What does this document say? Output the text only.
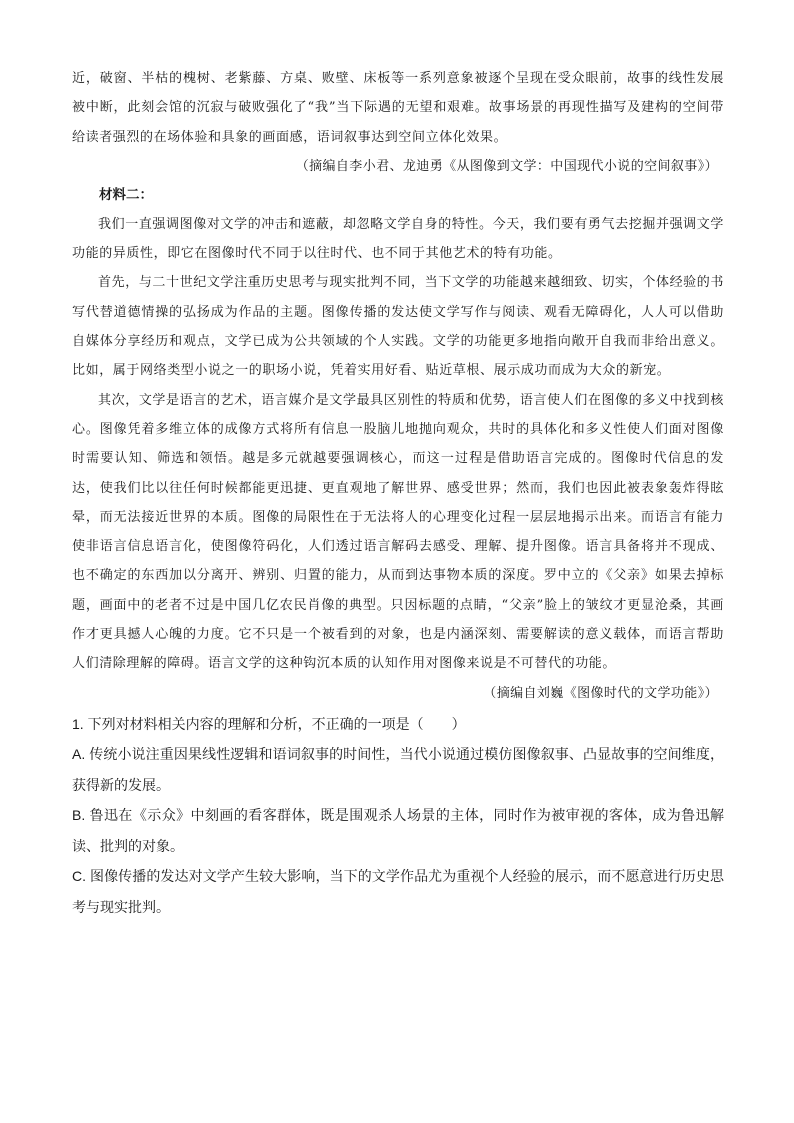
近，破窗、半枯的槐树、老紫藤、方桌、败壁、床板等一系列意象被逐个呈现在受众眼前，故事的线性发展被中断，此刻会馆的沉寂与破败强化了“我”当下际遇的无望和艰难。故事场景的再现性描写及建构的空间带给读者强烈的在场体验和具象的画面感，语词叙事达到空间立体化效果。

（摘编自李小君、龙迪勇《从图像到文学：中国现代小说的空间叙事》）

材料二：

我们一直强调图像对文学的冲击和遮蔽，却忽略文学自身的特性。今天，我们要有勇气去挖掘并强调文学功能的异质性，即它在图像时代不同于以往时代、也不同于其他艺术的特有功能。

首先，与二十世纪文学注重历史思考与现实批判不同，当下文学的功能越来越细致、切实，个体经验的书写代替道德情操的弘扬成为作品的主题。图像传播的发达使文学写作与阅读、观看无障碍化，人人可以借助自媒体分享经历和观点，文学已成为公共领域的个人实践。文学的功能更多地指向敞开自我而非给出意义。比如，属于网络类型小说之一的职场小说，凭着实用好看、贴近草根、展示成功而成为大众的新宠。

其次，文学是语言的艺术，语言媒介是文学最具区别性的特质和优势，语言使人们在图像的多义中找到核心。图像凭着多维立体的成像方式将所有信息一股脑儿地抛向观众，共时的具体化和多义性使人们面对图像时需要认知、筛选和领悟。越是多元就越要强调核心，而这一过程是借助语言完成的。图像时代信息的发达，使我们比以往任何时候都能更迅捷、更直观地了解世界、感受世界；然而，我们也因此被表象轰炸得眩晕，而无法接近世界的本质。图像的局限性在于无法将人的心理变化过程一层层地揭示出来。而语言有能力使非语言信息语言化，使图像符码化，人们透过语言解码去感受、理解、提升图像。语言具备将并不现成、也不确定的东西加以分离开、辨别、归置的能力，从而到达事物本质的深度。罗中立的《父亲》如果去掉标题，画面中的老者不过是中国几亿农民肖像的典型。只因标题的点睛，“父亲”脸上的皱纹才更显沧桑，其画作才更具撼人心魄的力度。它不只是一个被看到的对象，也是内涵深刻、需要解读的意义载体，而语言帮助人们清除理解的障碍。语言文学的这种钩沉本质的认知作用对图像来说是不可替代的功能。

（摘编自刘巍《图像时代的文学功能》）

1. 下列对材料相关内容的理解和分析，不正确的一项是（　　）

A. 传统小说注重因果线性逻辑和语词叙事的时间性，当代小说通过模仿图像叙事、凸显故事的空间维度，获得新的发展。

B. 鲁迅在《示众》中刻画的看客群体，既是围观杀人场景的主体，同时作为被审视的客体，成为鲁迅解读、批判的对象。

C. 图像传播的发达对文学产生较大影响，当下的文学作品尤为重视个人经验的展示，而不愿意进行历史思考与现实批判。
